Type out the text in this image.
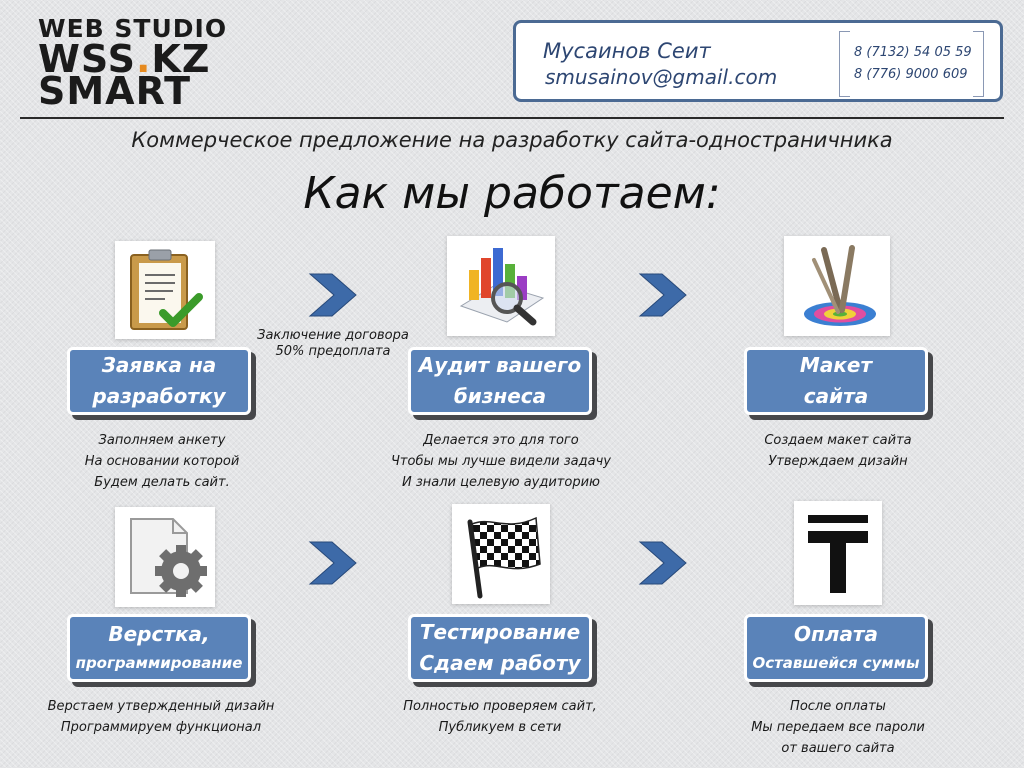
WEB STUDIO
WSS.KZ
SMART
Мусаинов Сеит
smusainov@gmail.com
8 (7132) 54 05 59
8 (776) 9000 609
Коммерческое предложение на разработку сайта-одностраничника
Как мы работаем:
Заключение договора
50% предоплата
Заявка на
разработку
Аудит вашего
бизнеса
Макет
сайта
Заполняем анкету
На основании которой
Будем делать сайт.
Делается это для того
Чтобы мы лучше видели задачу
И знали целевую аудиторию
Создаем макет сайта
Утверждаем дизайн
Верстка,
программирование
Тестирование
Сдаем работу
Оплата
Оставшейся суммы
Верстаем утвержденный дизайн
Программируем функционал
Полностью проверяем сайт,
Публикуем в сети
После оплаты
Мы передаем все пароли
от вашего сайта
